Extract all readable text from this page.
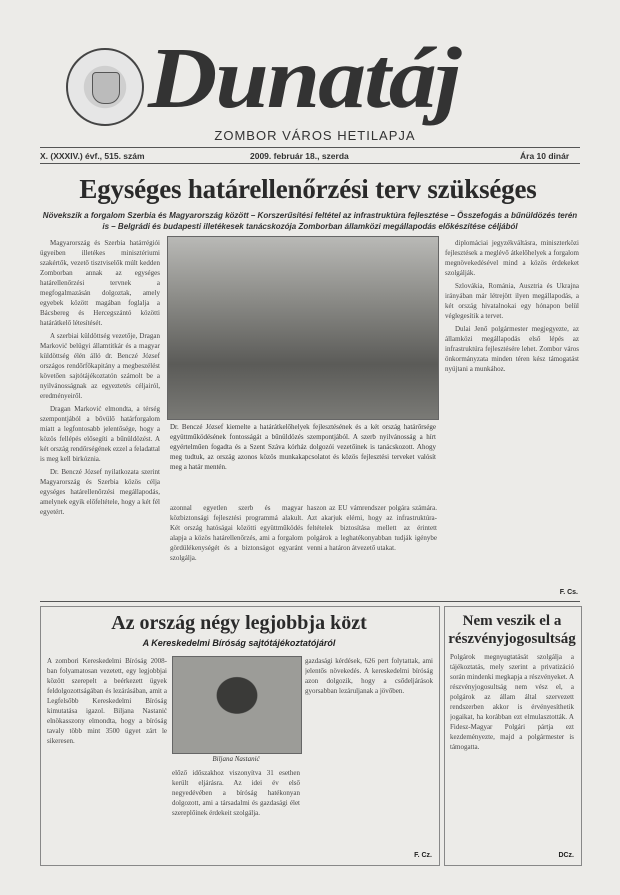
Dunatáj
ZOMBOR VÁROS HETILAPJA
X. (XXXIV.) évf., 515. szám	2009. február 18., szerda	Ára 10 dinár
Egységes határellenőrzési terv szükséges
Növekszik a forgalom Szerbia és Magyarország között – Korszerűsítési feltétel az infrastruktúra fejlesztése – Összefogás a bűnüldözés terén is – Belgrádi és budapesti illetékesek tanácskozója Zomborban államközi megállapodás előkészítése céljából

Magyarország és Szerbia határrégiói ügyeiben illetékes minisztériumi szakértők, vezető tisztviselők múlt kedden Zomborban annak az egységes határellenőrzési tervnek a megfogalmazásán dolgoztak, amely egyebek között magában foglalja a Bácsbereg és Hercegszántó közötti határátkelő létesítését.

A szerbiai küldöttség vezetője, Dragan Marković belügyi államtitkár és a magyar küldöttség élén álló dr. Benczé József országos rendőrfőkapitány a megbeszélést követően sajtótájékoztatón számolt be a nyilvánosságnak az egyeztetés céljairól, eredményeiről.

Dragan Marković elmondta, a térség szempontjából a bővülő határforgalom miatt a legfontosabb jelentősége, hogy a közös fellépés elősegíti a bűnüldözést. A két ország rendőrségének ezzel a feladattal is meg kell birkóznia.

Dr. Benczé József nyilatkozata szerint Magyarország és Szerbia közös célja egységes határellenőrzési megállapodás, amelynek egyik előfeltétele, hogy a két fél egyetért.

Dr. Benczé József kiemelte a határátkelőhelyek fejlesztésének és a két ország határőrsége együttműködésének fontosságát a bűnüldözés szempontjából. A szerb nyilvánosság a hírt egyértelműen fogadta és a Szent Száva kórház dolgozói vezetőinek is tanácskozott. Ahogy meg tudtuk, az ország azonos közös munkakapcsolatot és közös fejlesztési terveket valósít meg a határ mentén.
azonnal egyetlen szerb és magyar közbiztonsági fejlesztési programmá alakult. Két ország hatóságai közötti együttműködés alapja a közös határellenőrzés, ami a forgalom gördülékenységét és a biztonságot egyaránt szolgálja.
haszon az EU vámrendszer polgára számára. Azt akarjuk elérni, hogy az infrastruktúra-feltételek biztosítása mellett az érintett polgárok a leghatékonyabban tudják igénybe venni a határon átvezető utakat.

diplomáciai jegyzékváltásra, miniszterközi fejlesztések a meglévő átkelőhelyek a forgalom megnövekedésével mind a közös érdekeket szolgálják.

Szlovákia, Románia, Ausztria és Ukrajna irányában már létrejött ilyen megállapodás, a két ország hivatalnokai egy hónapon belül véglegesítik a tervet.

Dulai Jenő polgármester megjegyezte, az államközi megállapodás első lépés az infrastruktúra fejlesztésére lehet. Zombor város önkormányzata minden téren kész támogatást nyújtani a munkához.

F. Cs.
Az ország négy legjobbja közt
A Kereskedelmi Bíróság sajtótájékoztatójáról
A zombori Kereskedelmi Bíróság 2008-ban folyamatosan vezetett, egy legjobbjai között szerepelt a beérkezett ügyek feldolgozottságában és lezárásában, amit a Legfelsőbb Kereskedelmi Bíróság kimutatása igazol. Biljana Nastanić elnökasszony elmondta, hogy a bíróság tavaly több mint 3500 ügyet zárt le sikeresen.
Biljana Nastanić
előző időszakhoz viszonyítva 31 esethen került eljárásra. Az idei év első negyedévében a bíróság hatékonyan dolgozott, ami a társadalmi és gazdasági élet szereplőinek érdekeit szolgálja.
gazdasági kérdések, 626 pert folytattak, ami jelentős növekedés. A kereskedelmi bíróság azon dolgozik, hogy a csődeljárások gyorsabban lezáruljanak a jövőben.
F. Cz.
Nem veszik el a részvényjogosultság
Polgárok megnyugtatását szolgálja a tájékoztatás, mely szerint a privatizáció során mindenki megkapja a részvényeket. A részvényjogosultság nem vész el, a polgárok az állam által szervezett rendszerben akkor is érvényesíthetik jogaikat, ha korábban ezt elmulasztották. A Fidesz-Magyar Polgári pártja ezt kezdeményezte, majd a polgármester is támogatta.
DCz.
